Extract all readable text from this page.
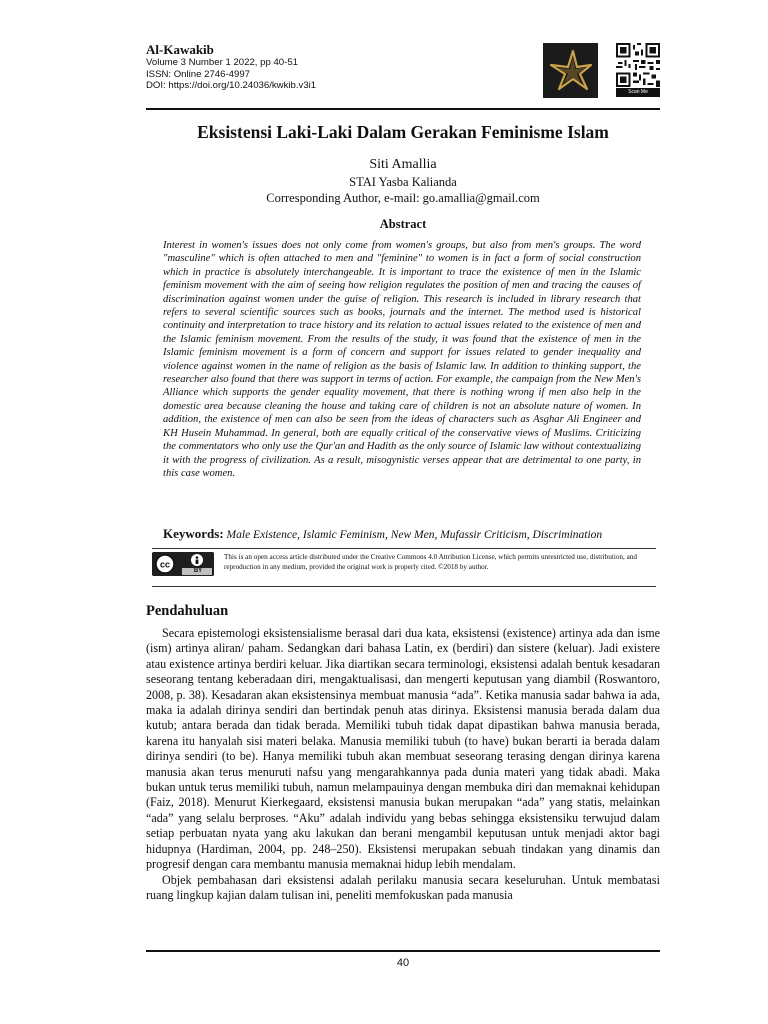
Al-Kawakib
Volume 3 Number 1 2022, pp 40-51
ISSN: Online 2746-4997
DOI: https://doi.org/10.24036/kwkib.v3i1
Scan Me
Eksistensi Laki-Laki Dalam Gerakan Feminisme Islam
Siti Amallia
STAI Yasba Kalianda
Corresponding Author, e-mail: go.amallia@gmail.com
Abstract

Interest in women's issues does not only come from women's groups, but also from men's groups. The word "masculine" which is often attached to men and "feminine" to women is in fact a form of social construction which in practice is absolutely interchangeable. It is important to trace the existence of men in the Islamic feminism movement with the aim of seeing how religion regulates the position of men and tracing the causes of discrimination against women under the guise of religion. This research is included in library research that refers to several scientific sources such as books, journals and the internet. The method used is historical continuity and interpretation to trace history and its relation to actual issues related to the existence of men and the Islamic feminism movement. From the results of the study, it was found that the existence of men in the Islamic feminism movement is a form of concern and support for issues related to gender inequality and violence against women in the name of religion as the basis of Islamic law. In addition to thinking support, the researcher also found that there was support in terms of action. For example, the campaign from the New Men's Alliance which supports the gender equality movement, that there is nothing wrong if men also help in the domestic area because cleaning the house and taking care of children is not an absolute nature of women. In addition, the existence of men can also be seen from the ideas of characters such as Asghar Ali Engineer and KH Husein Muhammad. In general, both are equally critical of the conservative views of Muslims. Criticizing the commentators who only use the Qur'an and Hadith as the only source of Islamic law without contextualizing it with the progress of civilization. As a result, misogynistic verses appear that are detrimental to one party, in this case women.

Keywords: Male Existence, Islamic Feminism, New Men, Mufassir Criticism, Discrimination
cc
BY
This is an open access article distributed under the Creative Commons 4.0 Attribution License, which permits unrestricted use, distribution, and reproduction in any medium, provided the original work is properly cited. ©2018 by author.
Pendahuluan

Secara epistemologi eksistensialisme berasal dari dua kata, eksistensi (existence) artinya ada dan isme (ism) artinya aliran/ paham. Sedangkan dari bahasa Latin, ex (berdiri) dan sistere (keluar). Jadi existere atau existence artinya berdiri keluar. Jika diartikan secara terminologi, eksistensi adalah bentuk kesadaran seseorang tentang keberadaan diri, mengaktualisasi, dan mengerti keputusan yang diambil (Roswantoro, 2008, p. 38). Kesadaran akan eksistensinya membuat manusia “ada”. Ketika manusia sadar bahwa ia ada, maka ia adalah dirinya sendiri dan bertindak penuh atas dirinya. Eksistensi manusia berada dalam dua kutub; antara berada dan tidak berada. Memiliki tubuh tidak dapat dipastikan bahwa manusia berada, karena itu hanyalah sisi materi belaka. Manusia memiliki tubuh (to have) bukan berarti ia berada dalam dirinya sendiri (to be). Hanya memiliki tubuh akan membuat seseorang terasing dengan dirinya karena manusia akan terus menuruti nafsu yang mengarahkannya pada dunia materi yang tidak abadi. Maka bukan untuk terus memiliki tubuh, namun melampauinya dengan membuka diri dan memaknai kehidupan (Faiz, 2018). Menurut Kierkegaard, eksistensi manusia bukan merupakan “ada” yang statis, melainkan “ada” yang selalu berproses. “Aku” adalah individu yang bebas sehingga eksistensiku terwujud dalam setiap perbuatan nyata yang aku lakukan dan berani mengambil keputusan untuk menjadi aktor bagi hidupnya (Hardiman, 2004, pp. 248–250). Eksistensi merupakan sebuah tindakan yang dinamis dan progresif dengan cara membantu manusia memaknai hidup lebih mendalam.

Objek pembahasan dari eksistensi adalah perilaku manusia secara keseluruhan. Untuk membatasi ruang lingkup kajian dalam tulisan ini, peneliti memfokuskan pada manusia

40
